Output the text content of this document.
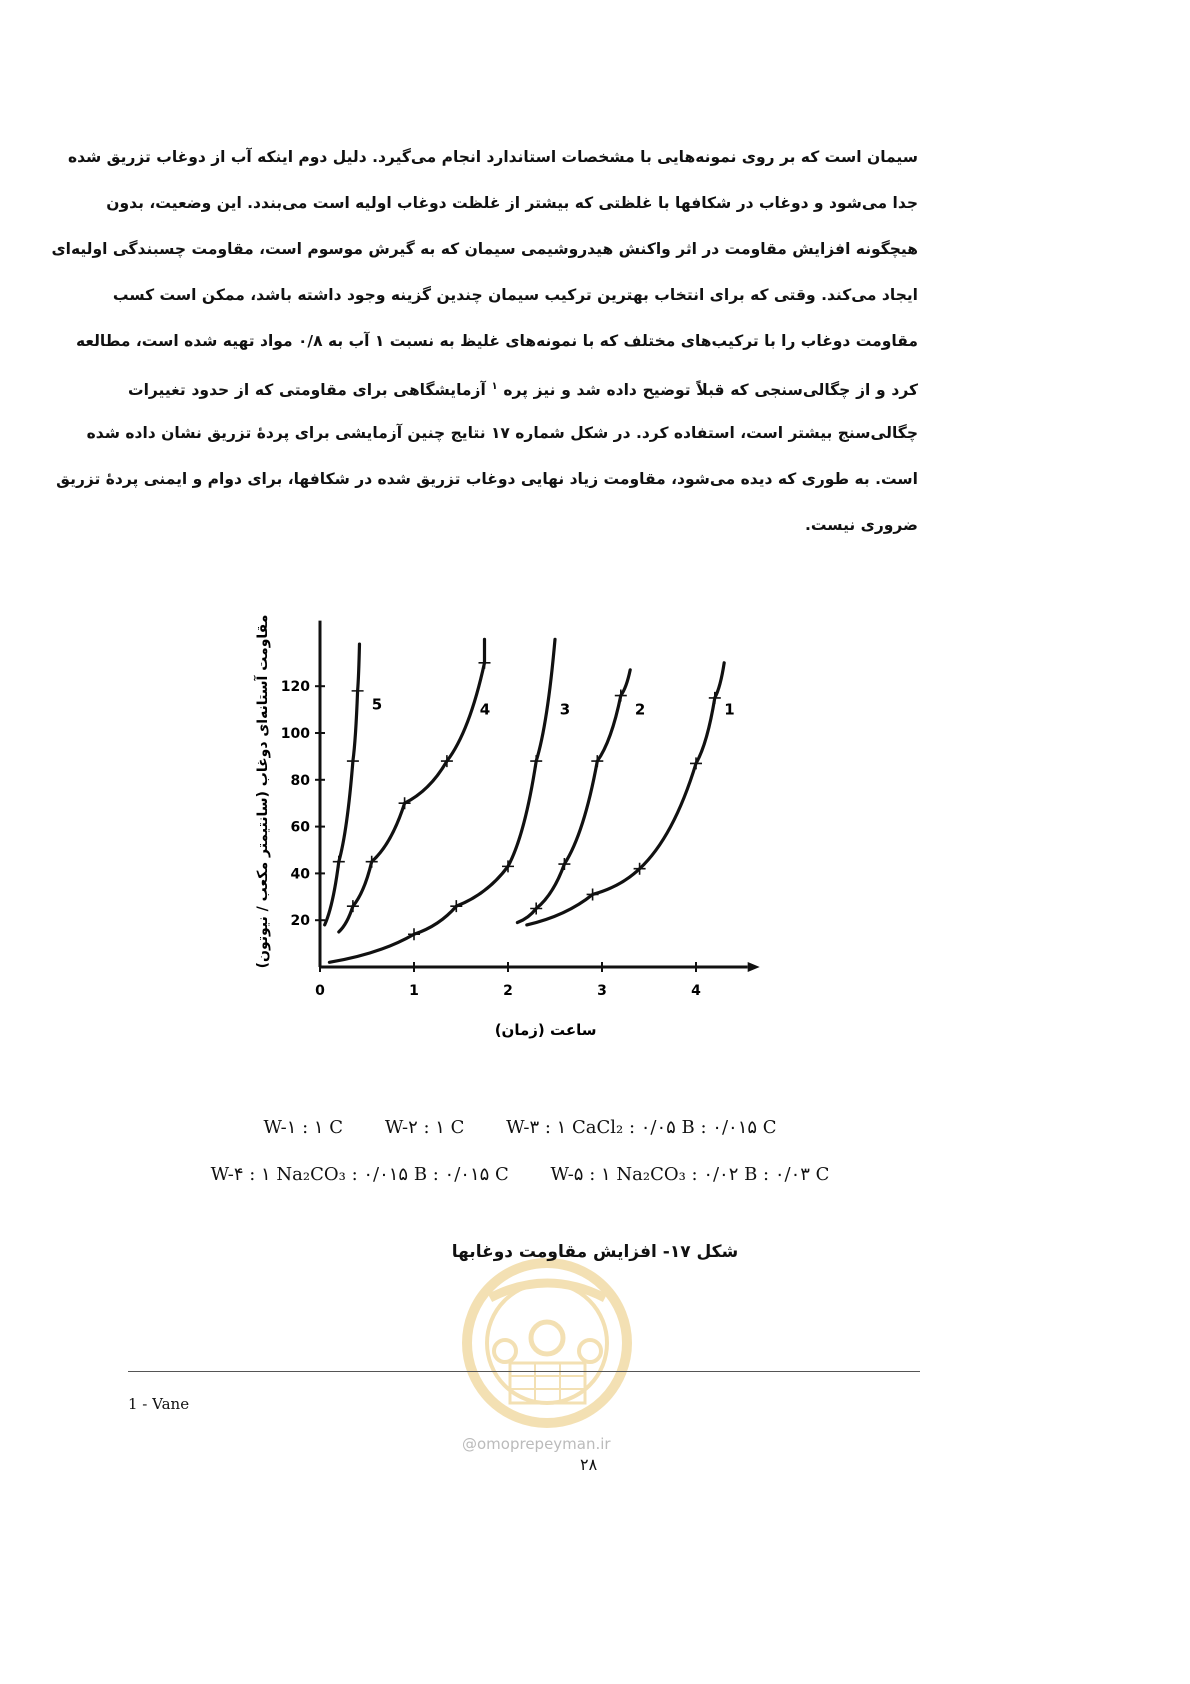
سیمان است که بر روی نمونه‌هایی با مشخصات استاندارد انجام می‌گیرد. دلیل دوم اینکه آب از دوغاب تزریق شده
جدا می‌شود و دوغاب در شکافها با غلظتی که بیشتر از غلظت دوغاب اولیه است می‌بندد. این وضعیت، بدون
هیچگونه افزایش مقاومت در اثر واکنش هیدروشیمی سیمان که به گیرش موسوم است، مقاومت چسبندگی اولیه‌ای
ایجاد می‌کند. وقتی که برای انتخاب بهترین ترکیب سیمان چندین گزینه وجود داشته باشد، ممکن است کسب
مقاومت دوغاب را با ترکیب‌های مختلف که با نمونه‌های غلیظ به نسبت ۱ آب به ۰/۸ مواد تهیه شده است، مطالعه
کرد و از چگالی‌سنجی که قبلاً توضیح داده شد و نیز پره $^۱$ آزمایشگاهی برای مقاومتی که از حدود تغییرات
چگالی‌سنج بیشتر است، استفاده کرد. در شکل شماره ۱۷ نتایج چنین آزمایشی برای پردهٔ تزریق نشان داده شده
است. به طوری که دیده می‌شود، مقاومت زیاد نهایی دوغاب تزریق شده در شکافها، برای دوام و ایمنی پردهٔ تزریق
ضروری نیست.
0	1	2	3	4
20
40
60
80
100
120
ساعت (زمان)
مقاومت آستانه‌ای دوغاب (سانتیمتر مکعب / نیوتون)	1
2
3
4
5
W-۱ : ۱ C W-۲ : ۱ C W-۳ : ۱ CaCl₂ : ۰/۰۵ B : ۰/۰۱۵ C
W-۴ : ۱ Na₂CO₃ : ۰/۰۱۵ B : ۰/۰۱۵ C W-۵ : ۱ Na₂CO₃ : ۰/۰۲ B : ۰/۰۳ C
شکل ۱۷- افزایش مقاومت دوغابها
1 - Vane
@omoprepeyman.ir
۲۸
